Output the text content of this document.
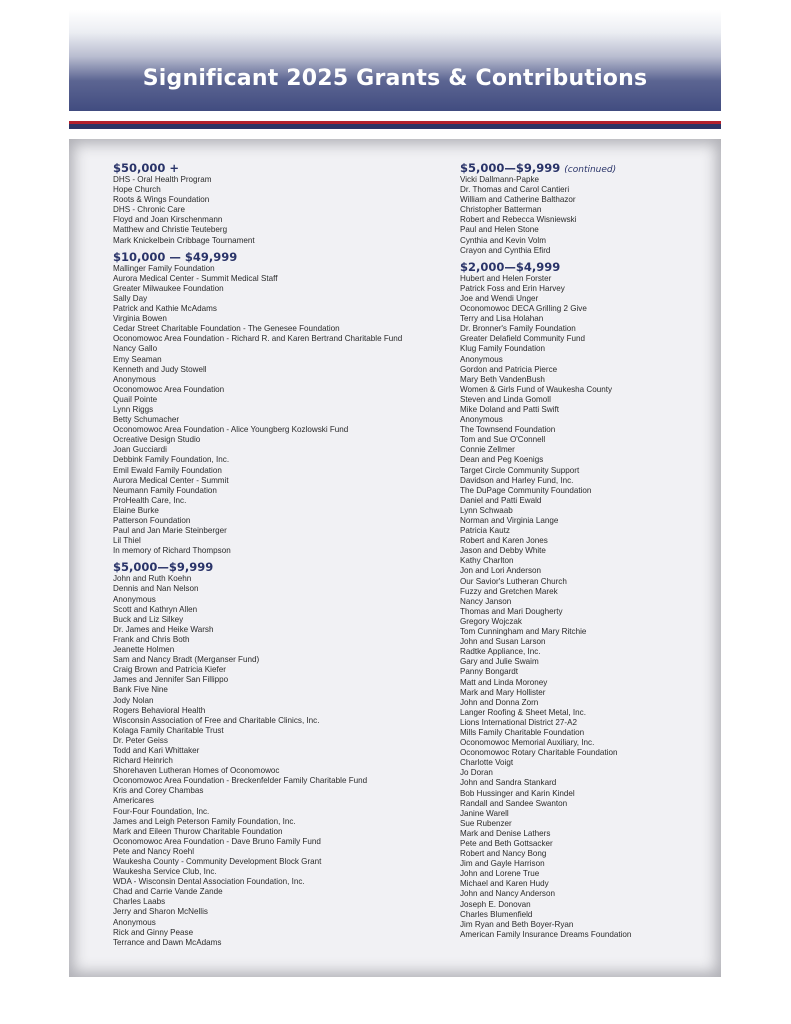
Significant 2025 Grants & Contributions
$50,000 +
DHS - Oral Health Program
Hope Church
Roots & Wings Foundation
DHS - Chronic Care
Floyd and Joan Kirschenmann
Matthew and Christie Teuteberg
Mark Knickelbein Cribbage Tournament
$10,000 — $49,999
Mallinger Family Foundation
Aurora Medical Center - Summit Medical Staff
Greater Milwaukee Foundation
Sally Day
Patrick and Kathie McAdams
Virginia Bowen
Cedar Street Charitable Foundation - The Genesee Foundation
Oconomowoc Area Foundation - Richard R. and Karen Bertrand Charitable Fund
Nancy Gallo
Emy Seaman
Kenneth and Judy Stowell
Anonymous
Oconomowoc Area Foundation
Quail Pointe
Lynn Riggs
Betty Schumacher
Oconomowoc Area Foundation - Alice Youngberg Kozlowski Fund
Ocreative Design Studio
Joan Gucciardi
Debbink Family Foundation, Inc.
Emil Ewald Family Foundation
Aurora Medical Center - Summit
Neumann Family Foundation
ProHealth Care, Inc.
Elaine Burke
Patterson Foundation
Paul and Jan Marie Steinberger
Lil Thiel
In memory of Richard Thompson
$5,000—$9,999
John and Ruth Koehn
Dennis and Nan Nelson
Anonymous
Scott and Kathryn Allen
Buck and Liz Silkey
Dr. James and Heike Warsh
Frank and Chris Both
Jeanette Holmen
Sam and Nancy Bradt (Merganser Fund)
Craig Brown and Patricia Kiefer
James and Jennifer San Fillippo
Bank Five Nine
Jody Nolan
Rogers Behavioral Health
Wisconsin Association of Free and Charitable Clinics, Inc.
Kolaga Family Charitable Trust
Dr. Peter Geiss
Todd and Kari Whittaker
Richard Heinrich
Shorehaven Lutheran Homes of Oconomowoc
Oconomowoc Area Foundation - Breckenfelder Family Charitable Fund
Kris and Corey Chambas
Americares
Four-Four Foundation, Inc.
James and Leigh Peterson Family Foundation, Inc.
Mark and Eileen Thurow Charitable Foundation
Oconomowoc Area Foundation - Dave Bruno Family Fund
Pete and Nancy Roehl
Waukesha County - Community Development Block Grant
Waukesha Service Club, Inc.
WDA - Wisconsin Dental Association Foundation, Inc.
Chad and Carrie Vande Zande
Charles Laabs
Jerry and Sharon McNellis
Anonymous
Rick and Ginny Pease
Terrance and Dawn McAdams
$5,000—$9,999 (continued)
Vicki Dallmann-Papke
Dr. Thomas and Carol Cantieri
William and Catherine Balthazor
Christopher Batterman
Robert and Rebecca Wisniewski
Paul and Helen Stone
Cynthia and Kevin Volm
Crayon and Cynthia Efird
$2,000—$4,999
Hubert and Helen Forster
Patrick Foss and Erin Harvey
Joe and Wendi Unger
Oconomowoc DECA Grilling 2 Give
Terry and Lisa Holahan
Dr. Bronner's Family Foundation
Greater Delafield Community Fund
Klug Family Foundation
Anonymous
Gordon and Patricia Pierce
Mary Beth VandenBush
Women & Girls Fund of Waukesha County
Steven and Linda Gomoll
Mike Doland and Patti Swift
Anonymous
The Townsend Foundation
Tom and Sue O'Connell
Connie Zellmer
Dean and Peg Koenigs
Target Circle Community Support
Davidson and Harley Fund, Inc.
The DuPage Community Foundation
Daniel and Patti Ewald
Lynn Schwaab
Norman and Virginia Lange
Patricia Kautz
Robert and Karen Jones
Jason and Debby White
Kathy Charlton
Jon and Lori Anderson
Our Savior's Lutheran Church
Fuzzy and Gretchen Marek
Nancy Janson
Thomas and Mari Dougherty
Gregory Wojczak
Tom Cunningham and Mary Ritchie
John and Susan Larson
Radtke Appliance, Inc.
Gary and Julie Swaim
Panny Bongardt
Matt and Linda Moroney
Mark and Mary Hollister
John and Donna Zorn
Langer Roofing & Sheet Metal, Inc.
Lions International District 27-A2
Mills Family Charitable Foundation
Oconomowoc Memorial Auxiliary, Inc.
Oconomowoc Rotary Charitable Foundation
Charlotte Voigt
Jo Doran
John and Sandra Stankard
Bob Hussinger and Karin Kindel
Randall and Sandee Swanton
Janine Warell
Sue Rubenzer
Mark and Denise Lathers
Pete and Beth Gottsacker
Robert and Nancy Bong
Jim and Gayle Harrison
John and Lorene True
Michael and Karen Hudy
John and Nancy Anderson
Joseph E. Donovan
Charles Blumenfield
Jim Ryan and Beth Boyer-Ryan
American Family Insurance Dreams Foundation
